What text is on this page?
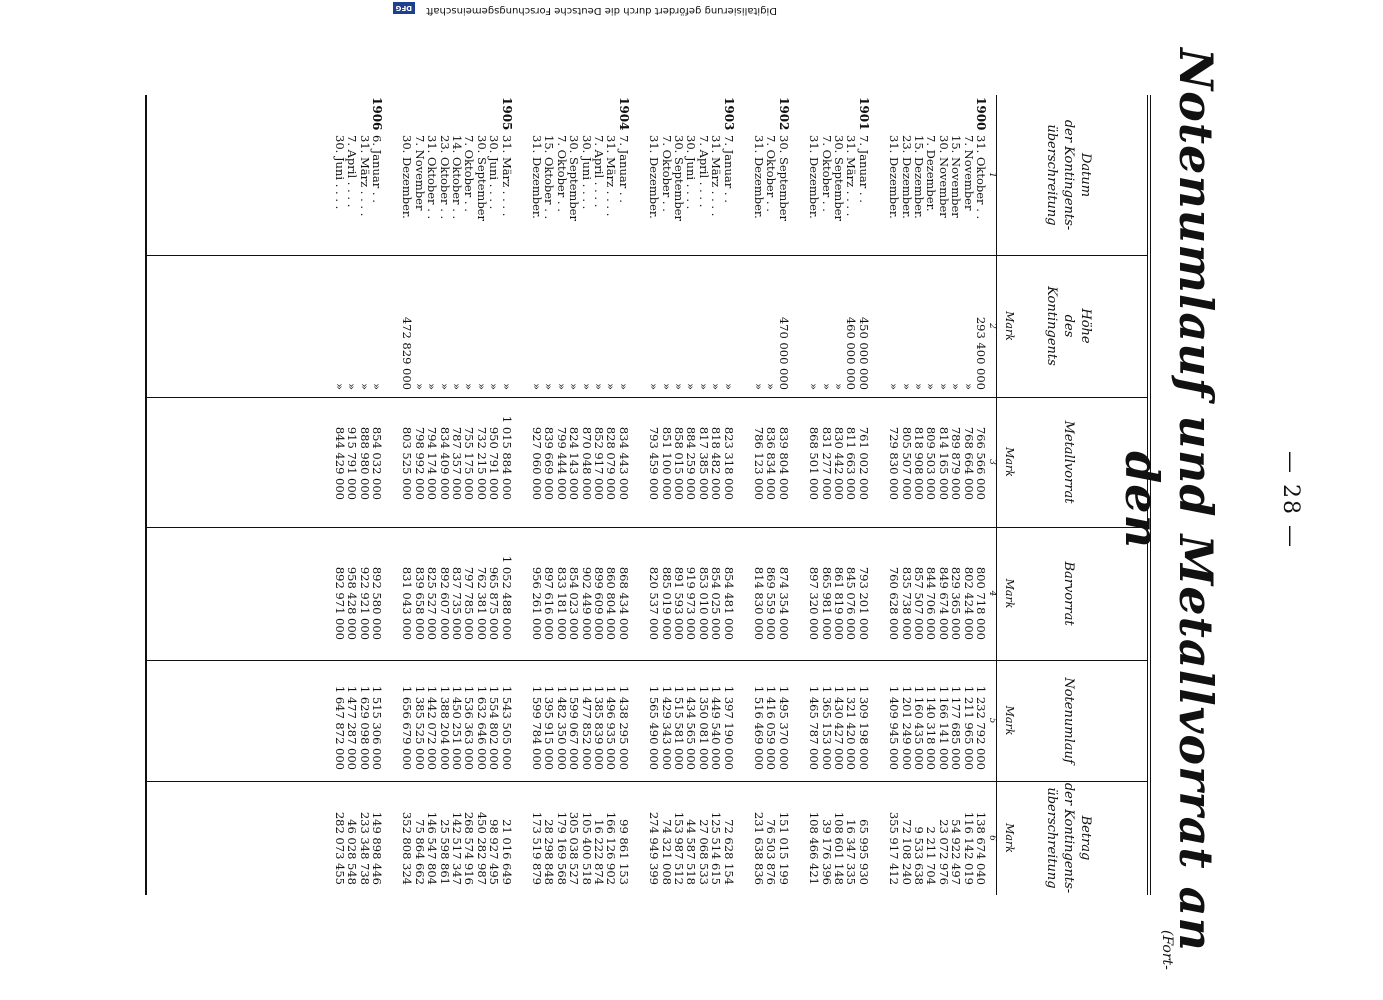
— 28 —
Notenumlauf und Metallvorrat an den
(Fort-
Datum
der Kontingents-
überschreitung
1
Höhe
des
Kontingents
Mark
2
Metallvorrat
Mark
3
Barvorrat
Mark
4
Notenumlauf
Mark
5
Betrag
der Kontingents-
überschreitung
Mark
6
1900
31. Oktober . .
293 400 000
766 566 000
800 718 000
1 232 792 000
138 674 040
7. November
»
768 664 000
802 424 000
1 211 965 000
116 142 019
15. November
»
789 879 000
829 365 000
1 177 685 000
54 922 497
30. November
»
814 165 000
849 674 000
1 166 141 000
23 072 976
7. Dezember.
»
809 503 000
844 706 000
1 140 318 000
2 211 704
15. Dezember.
»
818 908 000
857 507 000
1 160 435 000
9 533 638
23. Dezember.
»
805 507 000
835 738 000
1 201 249 000
72 108 240
31. Dezember.
»
729 830 000
760 628 000
1 409 945 000
355 917 412
1901
7. Januar . .
450 000 000
761 002 000
793 201 000
1 309 198 000
65 995 930
31. März . . . .
460 000 000
811 663 000
845 076 000
1 321 420 000
16 347 335
30. September
»
830 442 000
861 819 000
1 430 427 000
108 601 148
7. Oktober . .
»
831 277 000
865 981 000
1 365 153 000
39 176 396
31. Dezember.
»
868 501 000
897 320 000
1 465 787 000
108 466 421
1902
30. September
470 000 000
839 804 000
874 354 000
1 495 370 000
151 015 199
7. Oktober . .
»
836 834 000
869 559 000
1 416 059 000
76 503 876
31. Dezember.
»
786 123 000
814 830 000
1 516 469 000
231 638 836
1903
7. Januar . .
»
823 318 000
854 481 000
1 397 190 000
72 628 154
31. März . . . .
»
818 482 000
854 025 000
1 449 540 000
125 514 615
7. April . . . .
»
817 385 000
853 010 000
1 350 081 000
27 068 533
30. Juni . . . .
»
884 259 000
919 973 000
1 434 565 000
44 587 518
30. September
»
858 015 000
891 593 000
1 515 581 000
153 987 512
7. Oktober . .
»
851 100 000
885 019 000
1 429 343 000
74 321 008
31. Dezember.
»
793 459 000
820 537 000
1 565 490 000
274 949 399
1904
7. Januar . .
»
834 443 000
868 434 000
1 438 295 000
99 861 153
31. März . . . .
»
828 079 000
860 804 000
1 496 935 000
166 126 902
7. April . . . .
»
852 917 000
899 609 000
1 385 839 000
16 222 874
30. Juni . . . .
»
870 048 000
902 449 000
1 477 852 000
105 400 518
30. September
»
824 143 000
854 023 000
1 599 067 000
305 038 527
7. Oktober . .
»
799 444 000
833 181 000
1 482 350 000
179 169 568
15. Oktober . .
»
839 669 000
897 616 000
1 395 915 000
28 298 848
31. Dezember.
»
927 060 000
956 261 000
1 599 784 000
173 519 879
1905
31. März . . . .
»
1 015 884 000
1 052 488 000
1 543 505 000
21 016 649
30. Juni . . . .
»
950 791 000
965 875 000
1 554 802 000
98 927 495
30. September
»
732 215 000
762 381 000
1 632 646 000
450 282 987
7. Oktober . .
»
755 175 000
797 785 000
1 536 363 000
268 574 916
14. Oktober . .
»
787 357 000
837 735 000
1 450 251 000
142 517 347
23. Oktober . .
»
834 409 000
892 607 000
1 388 204 000
25 598 861
31. Oktober . .
»
794 174 000
825 527 000
1 442 072 000
146 547 804
7. November
»
798 992 000
839 658 000
1 385 525 000
75 864 662
30. Dezember.
472 829 000
803 525 000
831 043 000
1 656 679 000
352 808 324
1906
6. Januar . .
»
854 032 000
892 580 000
1 515 306 000
149 898 446
31. März . . . .
»
888 980 000
922 921 000
1 629 098 000
233 348 738
7. April . . . .
»
915 791 000
958 428 000
1 477 287 000
46 028 548
30. Juni . . . .
»
844 429 000
892 971 000
1 647 872 000
282 073 455
Digitalisierung gefördert durch die Deutsche Forschungsgemeinschaft
DFG
